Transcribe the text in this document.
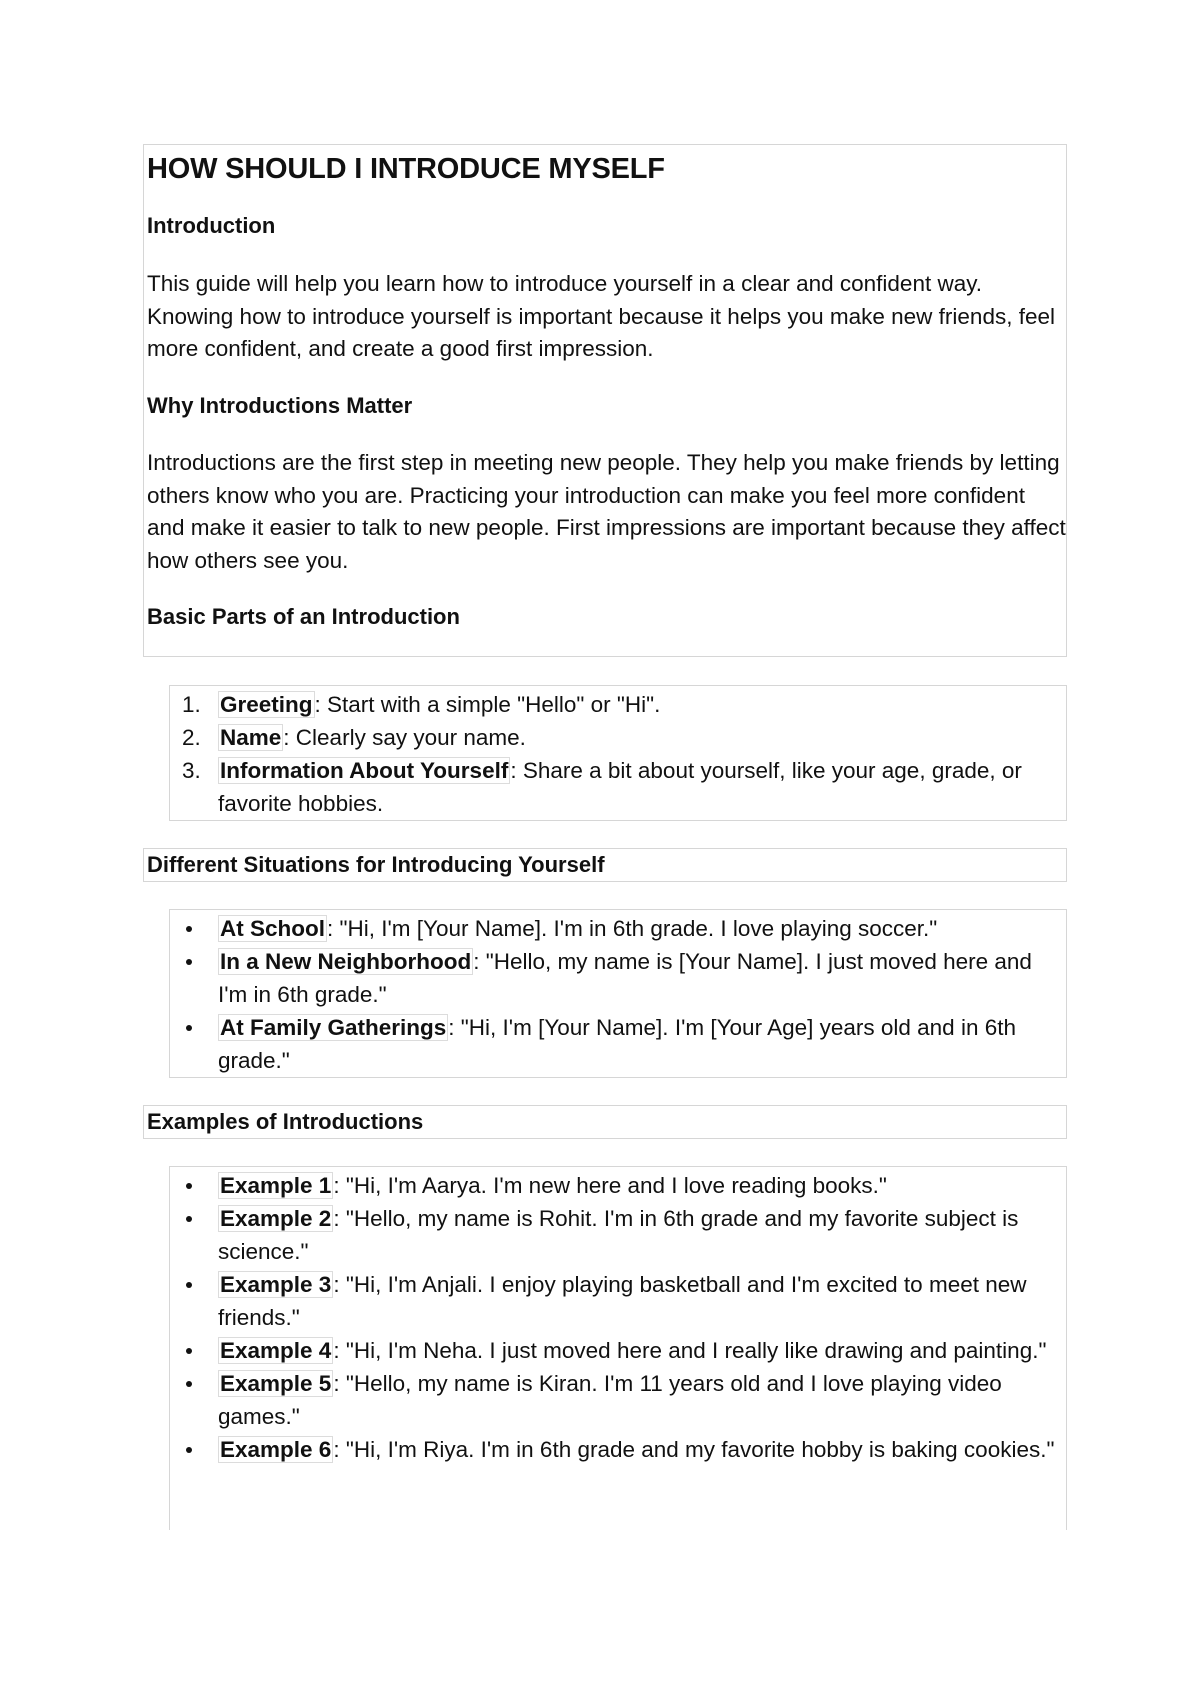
HOW SHOULD I INTRODUCE MYSELF
Introduction

This guide will help you learn how to introduce yourself in a clear and confident way. Knowing how to introduce yourself is important because it helps you make new friends, feel more confident, and create a good first impression.

Why Introductions Matter

Introductions are the first step in meeting new people. They help you make friends by letting others know who you are. Practicing your introduction can make you feel more confident and make it easier to talk to new people. First impressions are important because they affect how others see you.

Basic Parts of an Introduction
1. Greeting: Start with a simple "Hello" or "Hi".
2. Name: Clearly say your name.
3. Information About Yourself: Share a bit about yourself, like your age, grade, or favorite hobbies.
Different Situations for Introducing Yourself
At School: "Hi, I'm [Your Name]. I'm in 6th grade. I love playing soccer."
In a New Neighborhood: "Hello, my name is [Your Name]. I just moved here and I'm in 6th grade."
At Family Gatherings: "Hi, I'm [Your Name]. I'm [Your Age] years old and in 6th grade."
Examples of Introductions
Example 1: "Hi, I'm Aarya. I'm new here and I love reading books."
Example 2: "Hello, my name is Rohit. I'm in 6th grade and my favorite subject is science."
Example 3: "Hi, I'm Anjali. I enjoy playing basketball and I'm excited to meet new friends."
Example 4: "Hi, I'm Neha. I just moved here and I really like drawing and painting."
Example 5: "Hello, my name is Kiran. I'm 11 years old and I love playing video games."
Example 6: "Hi, I'm Riya. I'm in 6th grade and my favorite hobby is baking cookies."
